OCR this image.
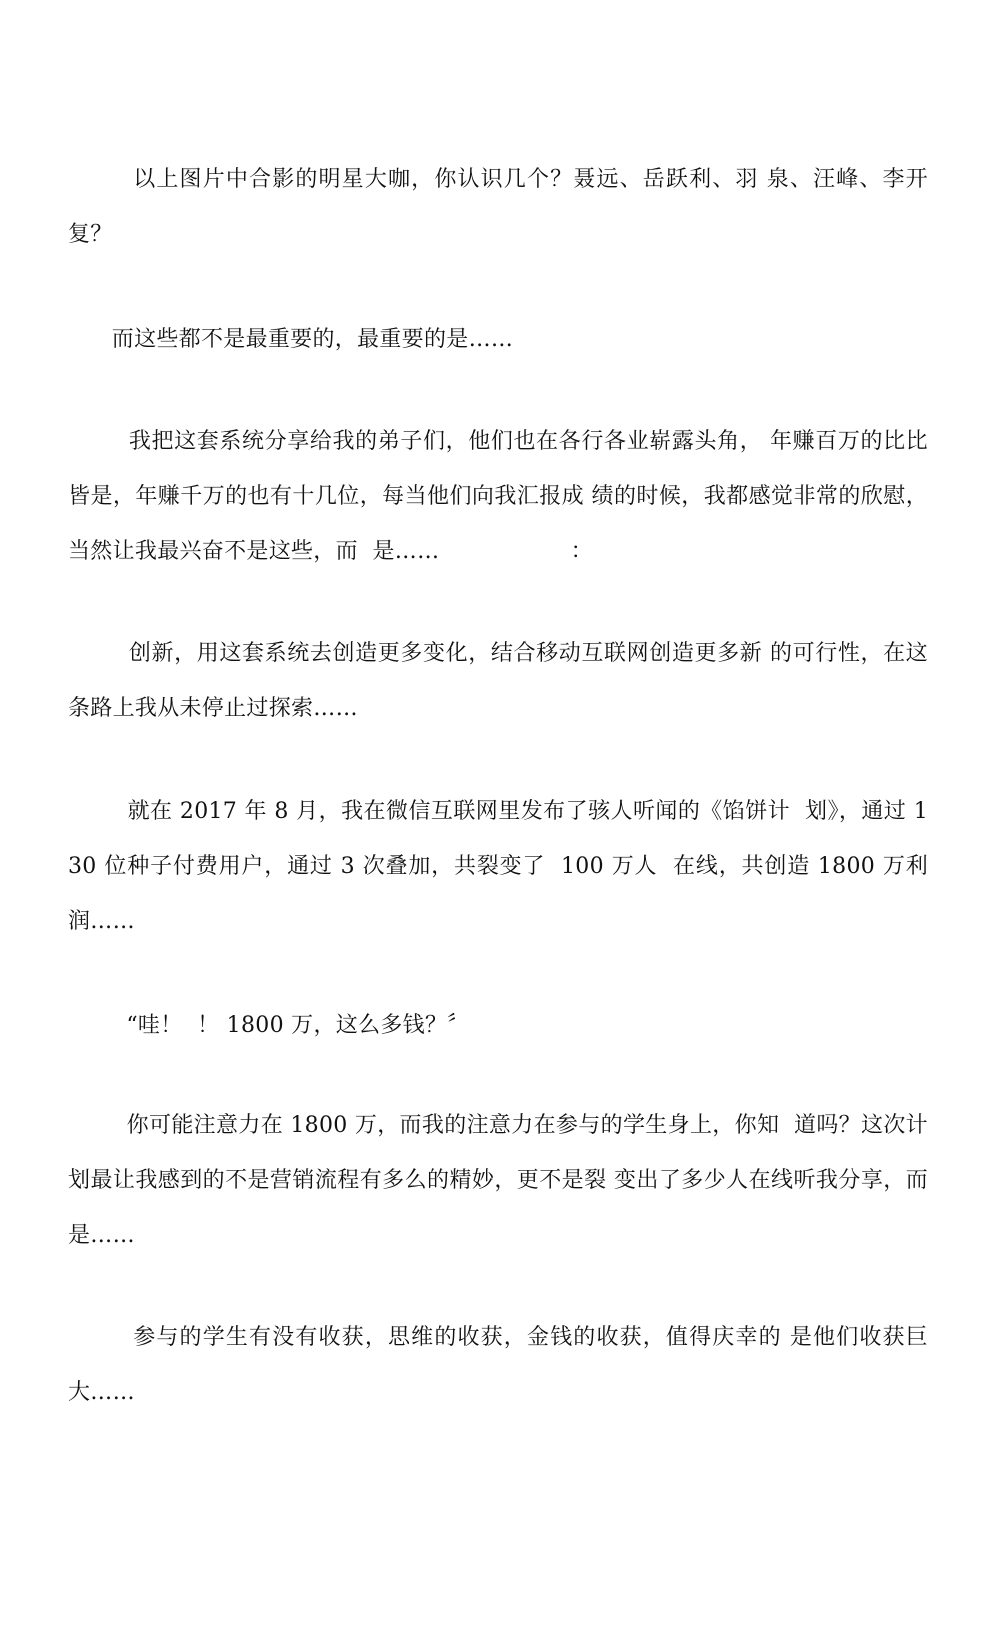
以上图片中合影的明星大咖，你认识几个？聂远、岳跃利、羽 泉、汪峰、李开复？

而这些都不是最重要的，最重要的是……

我把这套系统分享给我的弟子们，他们也在各行各业崭露头角， 年赚百万的比比皆是，年赚千万的也有十几位，每当他们向我汇报成 绩的时候，我都感觉非常的欣慰，当然让我最兴奋不是这些，而  是……                  ：

创新，用这套系统去创造更多变化，结合移动互联网创造更多新 的可行性，在这条路上我从未停止过探索……

就在 2017 年 8 月，我在微信互联网里发布了骇人听闻的《馅饼计  划》，通过 130 位种子付费用户，通过 3 次叠加，共裂变了  100 万人  在线，共创造 1800 万利润……

“哇！  ！ 1800 万，这么多钱？〞

你可能注意力在 1800 万，而我的注意力在参与的学生身上，你知  道吗？这次计划最让我感到的不是营销流程有多么的精妙，更不是裂 变出了多少人在线听我分享，而是……

参与的学生有没有收获，思维的收获，金钱的收获，值得庆幸的 是他们收获巨大……
